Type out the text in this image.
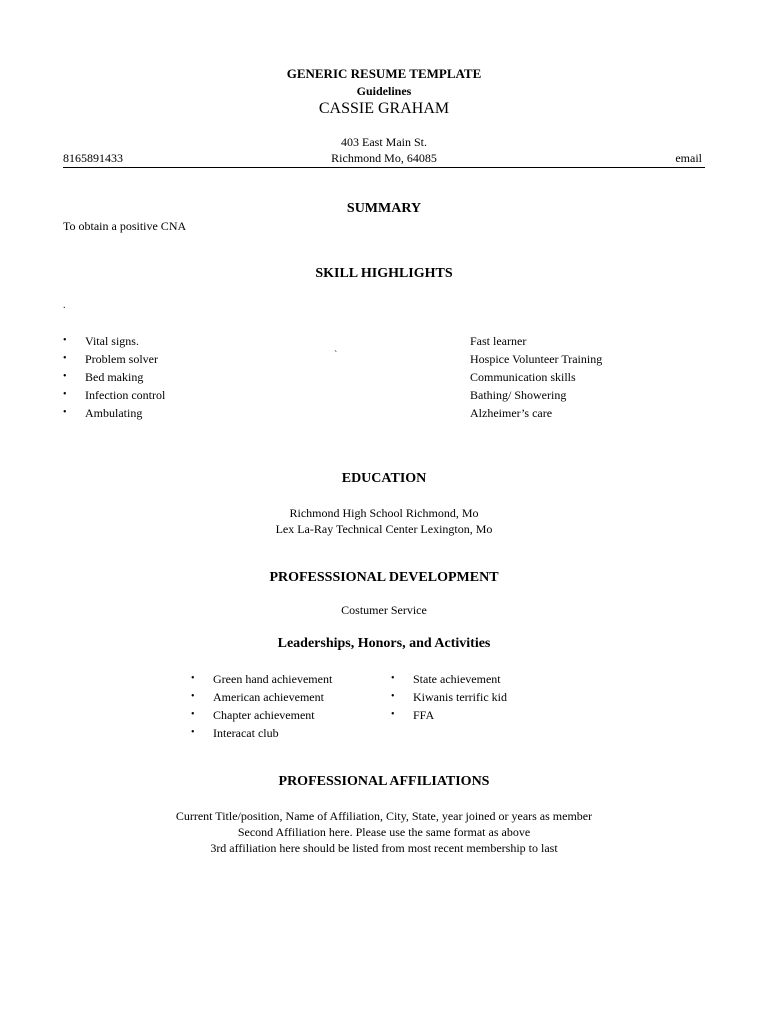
GENERIC RESUME TEMPLATE
Guidelines
CASSIE GRAHAM
403 East Main St.
Richmond Mo, 64085
8165891433	email
SUMMARY
To obtain a positive CNA
SKILL HIGHLIGHTS
.
`
• Vital signs.
• Problem solver
• Bed making
• Infection control
• Ambulating
Fast learner
Hospice Volunteer Training
Communication skills
Bathing/ Showering
Alzheimer’s care
EDUCATION
Richmond High School Richmond, Mo
Lex La-Ray Technical Center Lexington, Mo
PROFESSSIONAL DEVELOPMENT
Costumer Service
Leaderships, Honors, and Activities
• Green hand achievement
• American achievement
• Chapter achievement
• Interacat club
• State achievement
• Kiwanis terrific kid
• FFA
PROFESSIONAL AFFILIATIONS
Current Title/position, Name of Affiliation, City, State, year joined or years as member
Second Affiliation here. Please use the same format as above
3rd affiliation here should be listed from most recent membership to last
